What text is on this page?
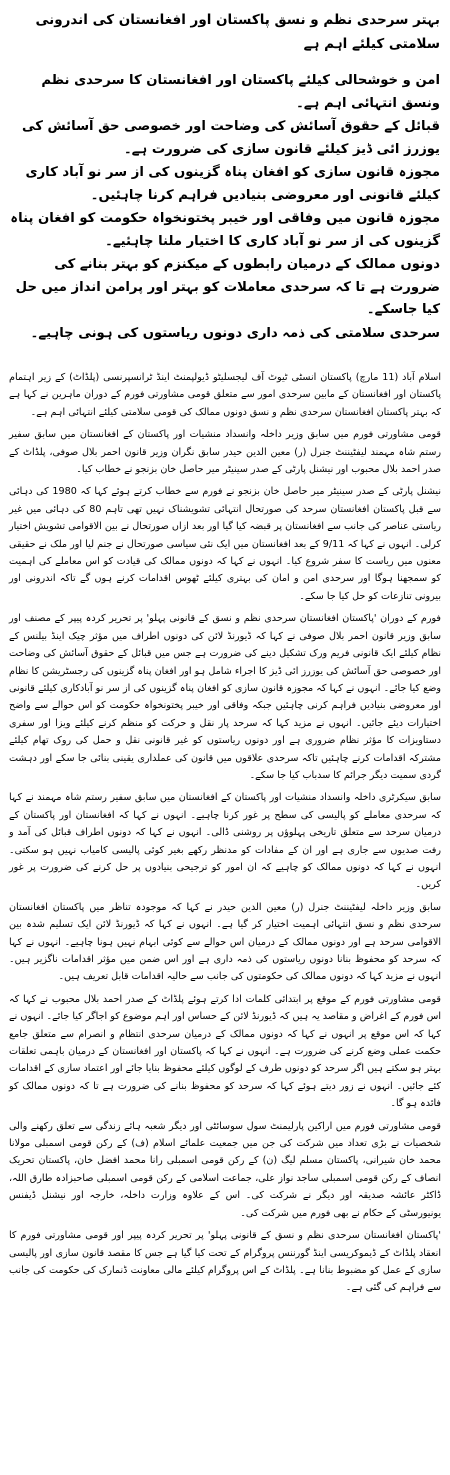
بہتر سرحدی نظم و نسق پاکستان اور افغانستان کی اندرونی سلامتی کیلئے اہم ہے
امن و خوشحالی کیلئے پاکستان اور افغانستان کا سرحدی نظم ونسق انتہائی اہم ہے۔
قبائل کے حقوق آسائش کی وضاحت اور خصوصی حق آسائش کی یوزرز ائی ڈیز کیلئے قانون سازی کی ضرورت ہے۔
مجوزہ قانون سازی کو افغان پناہ گزینوں کی از سر نو آباد کاری کیلئے قانونی اور معروضی بنیادیں فراہم کرنا چاہئیں۔
مجوزہ قانون میں وفاقی اور خیبر پختونخواہ حکومت کو افغان پناہ گزینوں کی از سر نو آباد کاری کا اختیار ملنا چاہئیے۔
دونوں ممالک کے درمیان رابطوں کے میکنزم کو بہتر بنانے کی ضرورت ہے تا کہ سرحدی معاملات کو بہتر اور پرامن انداز میں حل کیا جاسکے۔
سرحدی سلامتی کی ذمہ داری دونوں ریاستوں کی ہونی چاہیے۔

اسلام آباد (11 مارچ) پاکستان انسٹی ٹیوٹ آف لیجسلیٹو ڈیولپمنٹ اینڈ ٹرانسپرنسی (پلڈاٹ) کے زیر اہتمام پاکستان اور افغانستان کے مابین سرحدی امور سے متعلق قومی مشاورتی فورم کے دوران ماہرین نے کہا ہے کہ بہتر پاکستان افغانستان سرحدی نظم و نسق دونوں ممالک کی قومی سلامتی کیلئے انتہائی اہم ہے۔

قومی مشاورتی فورم میں سابق وزیر داخلہ وانسداد منشیات اور پاکستان کے افغانستان میں سابق سفیر رستم شاہ مہمند لیفٹیننٹ جنرل (ر) معین الدین حیدر سابق نگران وزیر قانون احمر بلال صوفی، پلڈاٹ کے صدر احمد بلال محبوب اور نیشنل پارٹی کے صدر سینیٹر میر حاصل خان بزنجو نے خطاب کیا۔

نیشنل پارٹی کے صدر سینیٹر میر حاصل خان بزنجو نے فورم سے خطاب کرتے ہوئے کہا کہ 1980 کی دہائی سے قبل پاکستان افغانستان سرحد کی صورتحال انتہائی تشویشناک نہیں تھی تاہم 80 کی دہائی میں غیر ریاستی عناصر کی جانب سے افغانستان پر قبضہ کیا گیا اور بعد ازاں صورتحال نے بین الاقوامی تشویش اختیار کرلی۔ انہوں نے کہا کہ 9/11 کے بعد افغانستان میں ایک نئی سیاسی صورتحال نے جنم لیا اور ملک نے حقیقی معنوں میں ریاست کا سفر شروع کیا۔ انہوں نے کہا کہ دونوں ممالک کی قیادت کو اس معاملے کی اہمیت کو سمجھنا ہوگا اور سرحدی امن و امان کی بہتری کیلئے ٹھوس اقدامات کرنے ہوں گے تاکہ اندرونی اور بیرونی تنازعات کو حل کیا جا سکے۔

فورم کے دوران 'پاکستان افغانستان سرحدی نظم و نسق کے قانونی پہلو' پر تحریر کردہ پیپر کے مصنف اور سابق وزیر قانون احمر بلال صوفی نے کہا کہ ڈیورنڈ لائن کی دونوں اطراف میں مؤثر چیک اینڈ بیلنس کے نظام کیلئے ایک قانونی فریم ورک تشکیل دینے کی ضرورت ہے جس میں قبائل کے حقوق آسائش کی وضاحت اور خصوصی حق آسائش کی یوزرز ائی ڈیز کا اجراء شامل ہو اور افغان پناہ گزینوں کی رجسٹریشن کا نظام وضع کیا جائے۔ انہوں نے کہا کہ مجوزہ قانون سازی کو افغان پناہ گزینوں کی از سر نو آبادکاری کیلئے قانونی اور معروضی بنیادیں فراہم کرنی چاہئیں جبکہ وفاقی اور خیبر پختونخواہ حکومت کو اس حوالے سے واضح اختیارات دیئے جائیں۔ انہوں نے مزید کہا کہ سرحد پار نقل و حرکت کو منظم کرنے کیلئے ویزا اور سفری دستاویزات کا مؤثر نظام ضروری ہے اور دونوں ریاستوں کو غیر قانونی نقل و حمل کی روک تھام کیلئے مشترکہ اقدامات کرنے چاہئیں تاکہ سرحدی علاقوں میں قانون کی عملداری یقینی بنائی جا سکے اور دہشت گردی سمیت دیگر جرائم کا سدباب کیا جا سکے۔

سابق سیکرٹری داخلہ وانسداد منشیات اور پاکستان کے افغانستان میں سابق سفیر رستم شاہ مہمند نے کہا کہ سرحدی معاملے کو پالیسی کی سطح پر غور کرنا چاہیے۔ انہوں نے کہا کہ افغانستان اور پاکستان کے درمیان سرحد سے متعلق تاریخی پہلوؤں پر روشنی ڈالی۔ انہوں نے کہا کہ دونوں اطراف قبائل کی آمد و رفت صدیوں سے جاری ہے اور ان کے مفادات کو مدنظر رکھے بغیر کوئی پالیسی کامیاب نہیں ہو سکتی۔ انہوں نے کہا کہ دونوں ممالک کو چاہیے کہ ان امور کو ترجیحی بنیادوں پر حل کرنے کی ضرورت پر غور کریں۔

سابق وزیر داخلہ لیفٹیننٹ جنرل (ر) معین الدین حیدر نے کہا کہ موجودہ تناظر میں پاکستان افغانستان سرحدی نظم و نسق انتہائی اہمیت اختیار کر گیا ہے۔ انہوں نے کہا کہ ڈیورنڈ لائن ایک تسلیم شدہ بین الاقوامی سرحد ہے اور دونوں ممالک کے درمیان اس حوالے سے کوئی ابہام نہیں ہونا چاہیے۔ انہوں نے کہا کہ سرحد کو محفوظ بنانا دونوں ریاستوں کی ذمہ داری ہے اور اس ضمن میں مؤثر اقدامات ناگزیر ہیں۔ انہوں نے مزید کہا کہ دونوں ممالک کی حکومتوں کی جانب سے حالیہ اقدامات قابل تعریف ہیں۔

قومی مشاورتی فورم کے موقع پر ابتدائی کلمات ادا کرتے ہوئے پلڈاٹ کے صدر احمد بلال محبوب نے کہا کہ اس فورم کے اغراض و مقاصد یہ ہیں کہ ڈیورنڈ لائن کے حساس اور اہم موضوع کو اجاگر کیا جائے۔ انہوں نے کہا کہ اس موقع پر انہوں نے کہا کہ دونوں ممالک کے درمیان سرحدی انتظام و انصرام سے متعلق جامع حکمت عملی وضع کرنے کی ضرورت ہے۔ انہوں نے کہا کہ پاکستان اور افغانستان کے درمیان باہمی تعلقات بہتر ہو سکتے ہیں اگر سرحد کو دونوں طرف کے لوگوں کیلئے محفوظ بنایا جائے اور اعتماد سازی کے اقدامات کئے جائیں۔ انہوں نے زور دیتے ہوئے کہا کہ سرحد کو محفوظ بنانے کی ضرورت ہے تا کہ دونوں ممالک کو فائدہ ہو گا۔

قومی مشاورتی فورم میں اراکین پارلیمنٹ سول سوسائٹی اور دیگر شعبہ ہائے زندگی سے تعلق رکھنے والی شخصیات نے بڑی تعداد میں شرکت کی جن میں جمعیت علمائے اسلام (ف) کے رکن قومی اسمبلی مولانا محمد خان شیرانی، پاکستان مسلم لیگ (ن) کے رکن قومی اسمبلی رانا محمد افضل خان، پاکستان تحریک انصاف کے رکن قومی اسمبلی ساجد نواز علی، جماعت اسلامی کے رکن قومی اسمبلی صاحبزادہ طارق اللہ، ڈاکٹر عائشہ صدیقہ اور دیگر نے شرکت کی۔ اس کے علاوہ وزارت داخلہ، خارجہ اور نیشنل ڈیفنس یونیورسٹی کے حکام نے بھی فورم میں شرکت کی۔

'پاکستان افغانستان سرحدی نظم و نسق کے قانونی پہلو' پر تحریر کردہ پیپر اور قومی مشاورتی فورم کا انعقاد پلڈاٹ کے ڈیموکریسی اینڈ گورننس پروگرام کے تحت کیا گیا ہے جس کا مقصد قانون سازی اور پالیسی سازی کے عمل کو مضبوط بنانا ہے۔ پلڈاٹ کے اس پروگرام کیلئے مالی معاونت ڈنمارک کی حکومت کی جانب سے فراہم کی گئی ہے۔
